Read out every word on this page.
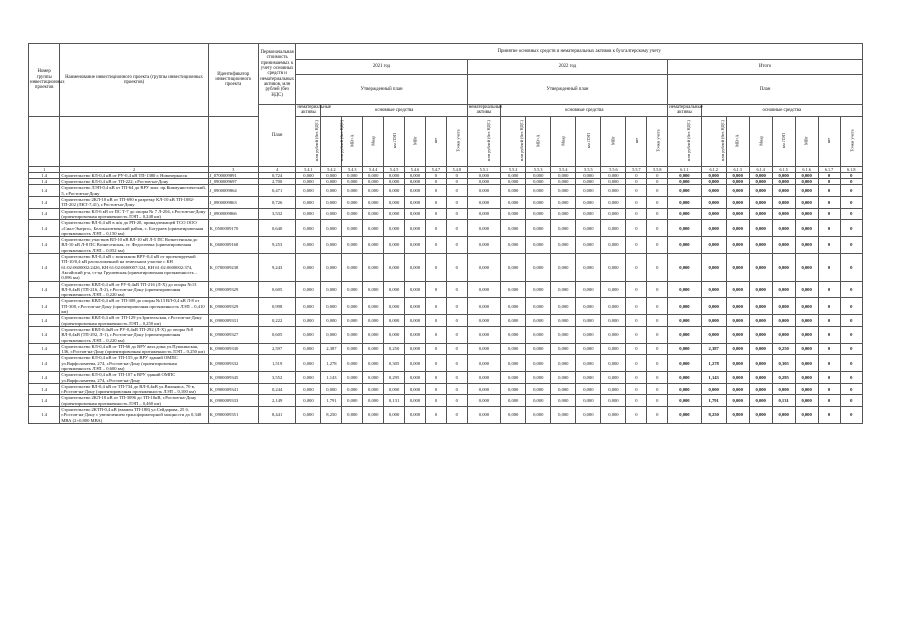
Номер группы инвестиционных проектов	Наименование инвестиционного проекта (группы инвестиционных проектов)	Идентификатор инвестиционного проекта	Первоначальная стоимость принимаемых к учету основных средств и нематериальных активов, млн рублей (без НДС)	Принятие основных средств и нематериальных активов к бухгалтерскому учету																							
				2021 год								2022 год								Итого							
				Утвержденный план								Утвержденный план								План							
			План	нематериальные активы	основные средства							нематериальные активы	основные средства							нематериальные активы	основные средства						
				млн рублей (без НДС)	млн рублей (без НДС)	МВ×А	Мвар	км ЛЭП	МВт	шт	Точки учета	млн рублей (без НДС)	млн рублей (без НДС)	МВ×А	Мвар	км ЛЭП	МВт	шт	Точки учета	млн рублей (без НДС)	млн рублей (без НДС)	МВ×А	Мвар	км ЛЭП	МВт	шт	Точки учета
1	2	3	4	5.4.1	5.4.2	5.4.3	5.4.4	5.4.5	5.4.6	5.4.7	5.4.8	5.5.1	5.5.2	5.5.3	5.5.4	5.5.5	5.5.6	5.5.7	5.5.8	6.1.1	6.1.2	6.1.3	6.1.4	6.1.5	6.1.6	6.1.7	6.1.8
1.4	Строительство КЛ-0,4 кВ от РУ-0,4 кВ ТП-1380 г. Новочеркасск	J_0700009891	0,724	0,000	0,000	0,000	0,000	0,000	0,000	0	0	0,000	0,000	0,000	0,000	0,000	0,000	0	0	0,000	0,000	0,000	0,000	0,000	0,000	0	0
1.4	Строительство КЛ-0,4 кВ от ТП-222, г.Ростов-на-Дону	J_0900009697	2,700	0,000	0,000	0,000	0,000	0,000	0,000	0	0	0,000	0,000	0,000	0,000	0,000	0,000	0	0	0,000	0,000	0,000	0,000	0,000	0,000	0	0
1.4	Строительство ЛЭП-0,4 кВ от ТП-64 до ВРУ жил. пр.Коммунистический, 5, г.Ростов-на-Дону	J_0900009864	0,471	0,000	0,000	0,000	0,000	0,000	0,000	0	0	0,000	0,000	0,000	0,000	0,000	0,000	0	0	0,000	0,000	0,000	0,000	0,000	0,000	0	0
1.4	Строительство 2КЛ-10 кВ от ТП-690 в разрезку КЛ-10 кВ ТП-1082-ТП-202 (ЛКТ-7,41), г.Ростов-на-Дону	J_0900009863	0,726	0,000	0,000	0,000	0,000	0,000	0,000	0	0	0,000	0,000	0,000	0,000	0,000	0,000	0	0	0,000	0,000	0,000	0,000	0,000	0,000	0	0
1.4	Строительство КЛ-6 кВ от ПС Т-7 до опоры № 7 Л-204, г.Ростов-на-Дону (ориентировочная протяженность ЛЭП – 0,248 км)	J_0900009866	3,532	0,000	0,000	0,000	0,000	0,000	0,000	0	0	0,000	0,000	0,000	0,000	0,000	0,000	0	0	0,000	0,000	0,000	0,000	0,000	0,000	0	0
1.4	Строительство ВЛ-0,4 кВ в ж/к до РП-20, принадлежащей ТСО ООО «Сиал-Энерго», Белокалитвенский район, с. Богураев (ориентировочная протяженность ЛЭП – 0,150 км)	K_0500009170	0,640	0,000	0,000	0,000	0,000	0,000	0,000	0	0	0,000	0,000	0,000	0,000	0,000	0,000	0	0	0,000	0,000	0,000	0,000	0,000	0,000	0	0
1.4	Строительство участков ВЛ-10 кВ ВЛ-10 кВ Л-5 ПС Вознесенская до ВЛ-10 кВ Л-8 ПС Вознесенская, ст. Федосеевка (ориентировочная протяженность ЛЭП – 0,052 км)	K_0600009168	9,253	0,000	0,000	0,000	0,000	0,000	0,000	0	0	0,000	0,000	0,000	0,000	0,000	0,000	0	0	0,000	0,000	0,000	0,000	0,000	0,000	0	0
1.4	Строительство ВЛ-0,4 кВ с монтажом ВРУ-0,4 кВ от проектируемой ТП-10/0,4 кВ расположенной на земельном участке с КН 61:02:0600002:2426, КН 61:02:0600007:324, КН 61:02:0600002:374, Аксайский р-н, ст-ца Грушевская (ориентировочная протяженность – 0,096 км)	K_0700009238	9,243	0,000	0,000	0,000	0,000	0,000	0,000	0	0	0,000	0,000	0,000	0,000	0,000	0,000	0	0	0,000	0,000	0,000	0,000	0,000	0,000	0	0
1.4	Строительство КВЛ-0,4 кВ от РУ-0,4кВ ТП-216 (Л-Х) до опоры №13 ВЛ-0,4кВ (ТП-216, Л-2), г.Ростов-на-Дону (ориентировочная протяженность ЛЭП – 0,220 км)	K_0900009329	0,605	0,000	0,000	0,000	0,000	0,000	0,000	0	0	0,000	0,000	0,000	0,000	0,000	0,000	0	0	0,000	0,000	0,000	0,000	0,000	0,000	0	0
1.4	Строительство КВЛ-0,4 кВ от ТП-308 до опоры №13 ВЛ-0,4 кВ Л-8 от ТП-308, г.Ростов-на-Дону (ориентировочная протяженность ЛЭП – 0,410 км)	K_0900009329	0,998	0,000	0,000	0,000	0,000	0,000	0,000	0	0	0,000	0,000	0,000	0,000	0,000	0,000	0	0	0,000	0,000	0,000	0,000	0,000	0,000	0	0
1.4	Строительство КВЛ-0,4 кВ от ТП-129 ул.Зрительская, г.Ростов-на-Дону (ориентировочная протяженность ЛЭП – 0,250 км)	K_0900009331	0,222	0,000	0,000	0,000	0,000	0,000	0,000	0	0	0,000	0,000	0,000	0,000	0,000	0,000	0	0	0,000	0,000	0,000	0,000	0,000	0,000	0	0
1.4	Строительство КВЛ-0,4кВ от РУ-0,4кВ ТП-292 (Л-Х) до опоры №8 ВЛ-0,4кВ (ТП-292, Л-1), г.Ростов-на-Дону (ориентировочная протяженность ЛЭП – 0,220 км)	K_0900009327	0,605	0,000	0,000	0,000	0,000	0,000	0,000	0	0	0,000	0,000	0,000	0,000	0,000	0,000	0	0	0,000	0,000	0,000	0,000	0,000	0,000	0	0
1.4	Строительство КЛ-0,4 кВ от ТП-66 до ВРУ жил.дома ул.Пушкинская, 136, г.Ростов-на-Дону (ориентировочная протяженность ЛЭП – 0,250 км)	K_0900009330	2,597	0,000	2,387	0,000	0,000	0,250	0,000	0	0	0,000	0,000	0,000	0,000	0,000	0,000	0	0	0,000	2,387	0,000	0,000	0,250	0,000	0	0
1.4	Строительство КЛ-0,4 кВ от ТП-155 до ВРУ зданий ОМПС ул.Варфоломеева, 274, г.Ростов-на-Дону (ориентировочная протяженность ЛЭП – 0,600 км)	K_0900009332	1,519	0,000	1,278	0,000	0,000	0,305	0,000	0	0	0,000	0,000	0,000	0,000	0,000	0,000	0	0	0,000	1,278	0,000	0,000	0,305	0,000	0	0
1.4	Строительство КЛ-0,4 кВ от ТП-107 к ВРУ зданий ОМПС ул.Варфоломеева, 274, г.Ростов-на-Дону	K_0900009345	3,552	0,000	1,143	0,000	0,000	0,295	0,000	0	0	0,000	0,000	0,000	0,000	0,000	0,000	0	0	0,000	1,143	0,000	0,000	0,295	0,000	0	0
1.4	Строительство ВЛ-0,4 кВ от ТП-734 до ВЛ-0,4кВ ул.Вильямса, 70 в, г.Ростов-на-Дону (ориентировочная протяженность ЛЭП – 0,100 км)	K_0900009341	0,244	0,000	0,000	0,000	0,000	0,000	0,000	0	0	0,000	0,000	0,000	0,000	0,000	0,000	0	0	0,000	0,000	0,000	0,000	0,000	0,000	0	0
1.4	Строительство 2КЛ-10 кВ от ТП-3096 до ТП-10кВ, г.Ростов-на-Дону (ориентировочная протяженность ЛЭП – 0,460 км)	K_0900009333	2,149	0,000	1,791	0,000	0,000	0,131	0,000	0	0	0,000	0,000	0,000	0,000	0,000	0,000	0	0	0,000	1,791	0,000	0,000	0,131	0,000	0	0
1.4	Строительство 2КТП-0,4 кВ (взамен ТП-188) ул.Сейдарова, 25 б, г.Ростов-на-Дону с увеличением трансформаторной мощности до 0,348 МВА (2×0,800 МВА)	K_0900009351	8,441	0,000	8,250	0,800	0,000	0,000	0,000	0	0	0,000	0,000	0,000	0,000	0,000	0,000	0	0	0,000	8,250	0,800	0,000	0,000	0,000	0	0
